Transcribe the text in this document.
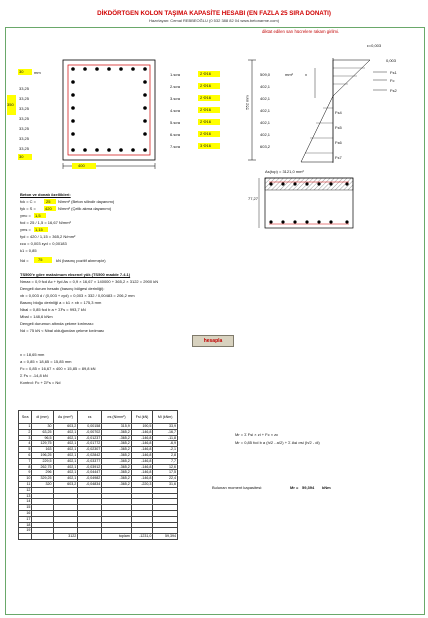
DİKDÖRTGEN KOLON TAŞIMA KAPASİTE HESABI (EN FAZLA 25 SIRA DONATI)
Hazırlayan: Cemal REBBEOĞLU (0 532 388 82 04 www.betonarme.com)
diktat edilen sarı hücrelere rakam girilmi.
30
33,25
33,25
33,25
33,25
33,25
33,25
33,25
30
350
mm
400
1.sıra
2.sıra
3.sıra
4.sıra
5.sıra
6.sıra
7.sıra
2 Φ16
2 Φ16
2 Φ16
2 Φ16
2 Φ16
2 Φ16
3 Φ16
509,0
402,1
402,1
402,1
402,1
402,1
603,2
mm²
552 mm
ε=0,003
Fs1
Fc
Fs2
Fs4
Fs5
Fs6
Fs7
x
0,003
Beton ve donatı özellikleri:
fck = C = 25 N/mm² (Beton silindir dayanımı)
fyk = S = 420 N/mm² (Çelik akma dayanımı)
γmc = 1,5
fcd = 25 / 1,5 = 16,67 N/mm²
γms = 1,15
fyd = 420 / 1,15 = 365,2 N/mm²
εcu = 0,003 εyd = 0,00183
k1 = 0,85
Nd = 75	kN (basınç pozitif alınmıştır)
TS500'e göre maksimum eksenel yük (TS500 madde 7.4.1)
Nmax = 0,9 fcd Ac + fyd As = 0,9 × 16,67 × 140000 + 365,2 × 3122 = 2900 kN
Dengeli durum hesabı (basınç bölgesi derinliği):
xb = 0,003 d / (0,003 + εyd) = 0,003 × 332 / 0,00483 = 206,2 mm
Basınç bloğu derinliği a = k1 × xb = 175,3 mm
Nbal = 0,85 fcd b a + ΣFs = 993,7 kN
Mbal = 148,6 kNm
Dengeli durumun altında çekme kırılması:
Nd = 75 kN < Nbal olduğundan çekme kırılması
x = 18,65 mm
a = 0,85 × 18,65 = 15,85 mm
Fc = 0,85 × 16,67 × 400 × 15,85 = 89,8 kN
Σ Fs = -14,8 kN
Kontrol: Fc + ΣFs = Nd
hesapla
As(top) = 3121,0 mm²
77,27
Mr = Σ Fsi × zi + Fc × zc
Mr = 0,85 fcd b a (h/2 - a/2) + Σ Asi σsi (h/2 - di)
Bulunan moment kapasitesi:	Mr = 59,394 kNm
Sıra	di (mm)	As (mm²)	εs	σs (N/mm²)	Fsi (kN)	Mi (kNm)
1	30	603,2	0,00158	315,9	190,5	33,9
2	63,25	402,1	-0,00702	-365,2	-146,8	-16,7
3	96,5	402,1	-0,01237	-365,2	-146,8	-11,8
4	129,75	402,1	-0,01772	-365,2	-146,8	-6,9
5	163	402,1	-0,02307	-365,2	-146,8	-2,1
6	196,25	402,1	-0,02842	-365,2	-146,8	2,8
7	229,5	402,1	-0,03377	-365,2	-146,8	7,7
8	262,75	402,1	-0,03912	-365,2	-146,8	12,6
9	296	402,1	-0,04447	-365,2	-146,8	17,5
10	329,25	402,1	-0,04982	-365,2	-146,8	22,4
11	320	603,2	-0,04834	-365,2	-220,3	31,6
12						
13						
14						
15						
16						
17						
18						
19						
		3122		toplam	-1231,0	59,394
